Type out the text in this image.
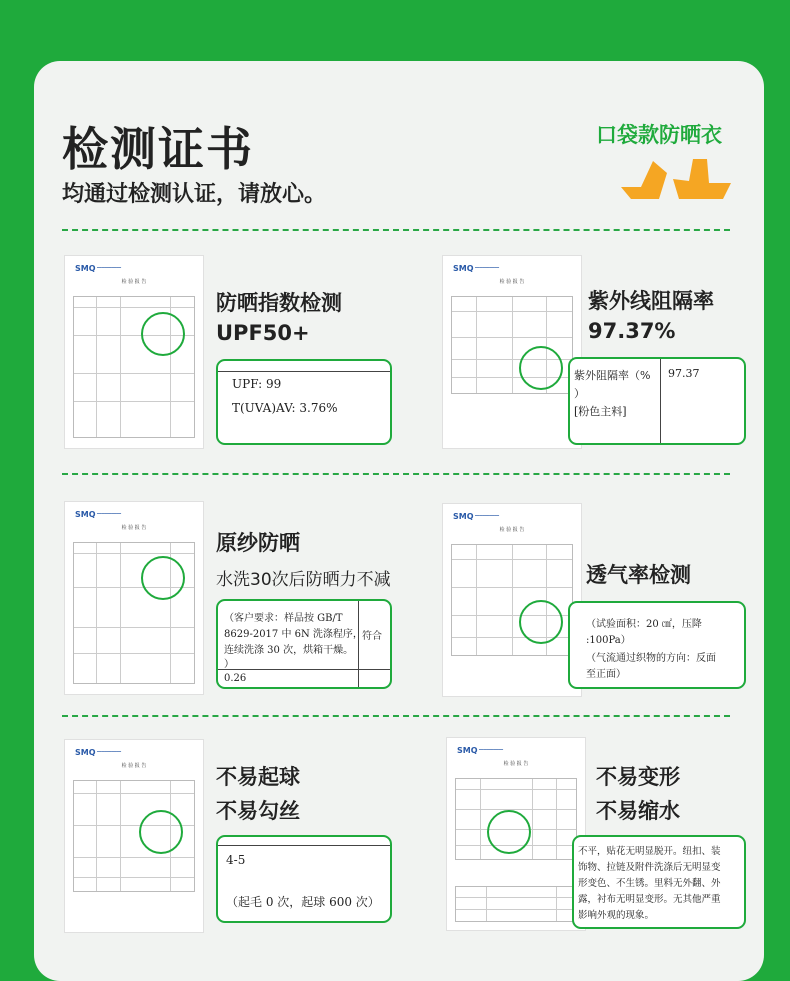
检测证书
均通过检测认证，请放心。
口袋款防晒衣
SMQ ━━━━━━━━━━
检 验 报 告
防晒指数检测
UPF50+
UPF: 99
T(UVA)AV: 3.76%
SMQ ━━━━━━━━━━
检 验 报 告
紫外线阻隔率
97.37%
紫外阻隔率（%
）
[粉色主料]
97.37
SMQ ━━━━━━━━━━
检 验 报 告
原纱防晒
水洗30次后防晒力不减
（客户要求：样品按 GB/T
8629-2017 中 6N 洗涤程序，
连续洗涤 30 次，烘箱干燥。
）
符合
0.26
SMQ ━━━━━━━━━━
检 验 报 告
透气率检测
（试验面积：20 ㎠，压降
:100Pa）
（气流通过织物的方向：反面
至正面）
SMQ ━━━━━━━━━━
检 验 报 告	不易起球
不易勾丝
4-5
（起毛 0 次，起球 600 次）
SMQ ━━━━━━━━━━
检 验 报 告
不易变形
不易缩水
不平，贴花无明显脱开。纽扣、装
饰物、拉链及附件洗涤后无明显变
形变色、不生锈。里料无外翻、外
露，衬布无明显变形。无其他严重
影响外观的现象。
